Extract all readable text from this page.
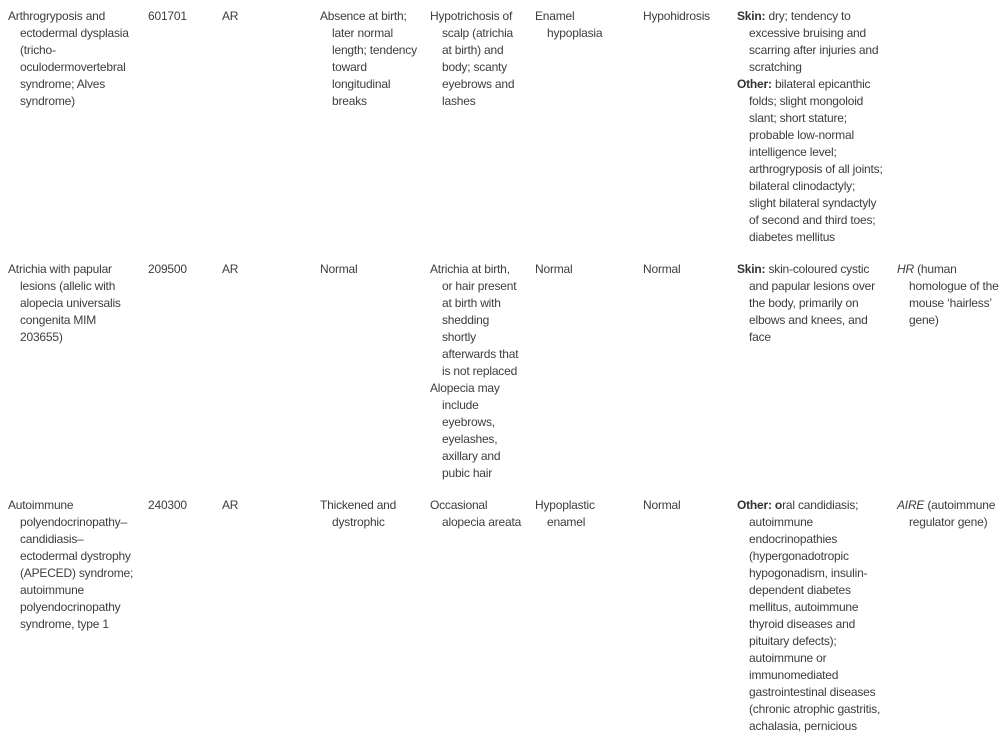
Arthrogryposis and ectodermal dysplasia (tricho-oculodermovertebral syndrome; Alves syndrome)	601701	AR	Absence at birth; later normal length; tendency toward longitudinal breaks	Hypotrichosis of scalp (atrichia at birth) and body; scanty eyebrows and lashes	Enamel hypoplasia	Hypohidrosis	Skin: dry; tendency to excessive bruising and scarring after injuries and scratching
Other: bilateral epicanthic folds; slight mongoloid slant; short stature; probable low-normal intelligence level; arthrogryposis of all joints; bilateral clinodactyly; slight bilateral syndactyly of second and third toes; diabetes mellitus	

Atrichia with papular lesions (allelic with alopecia universalis congenita MIM 203655)	209500	AR	Normal	Atrichia at birth, or hair present at birth with shedding shortly afterwards that is not replaced
Alopecia may include eyebrows, eyelashes, axillary and pubic hair	Normal	Normal	Skin: skin-coloured cystic and papular lesions over the body, primarily on elbows and knees, and face	HR (human homologue of the mouse ‘hairless’ gene)

Autoimmune polyendocrinopathy–candidiasis–ectodermal dystrophy (APECED) syndrome; autoimmune polyendocrinopathy syndrome, type 1	240300	AR	Thickened and dystrophic	Occasional alopecia areata	Hypoplastic enamel	Normal	Other: oral candidiasis; autoimmune endocrinopathies (hypergonadotropic hypogonadism, insulin-dependent diabetes mellitus, autoimmune thyroid diseases and pituitary defects); autoimmune or immunomediated gastrointestinal diseases (chronic atrophic gastritis, achalasia, pernicious	AIRE (autoimmune regulator gene)
